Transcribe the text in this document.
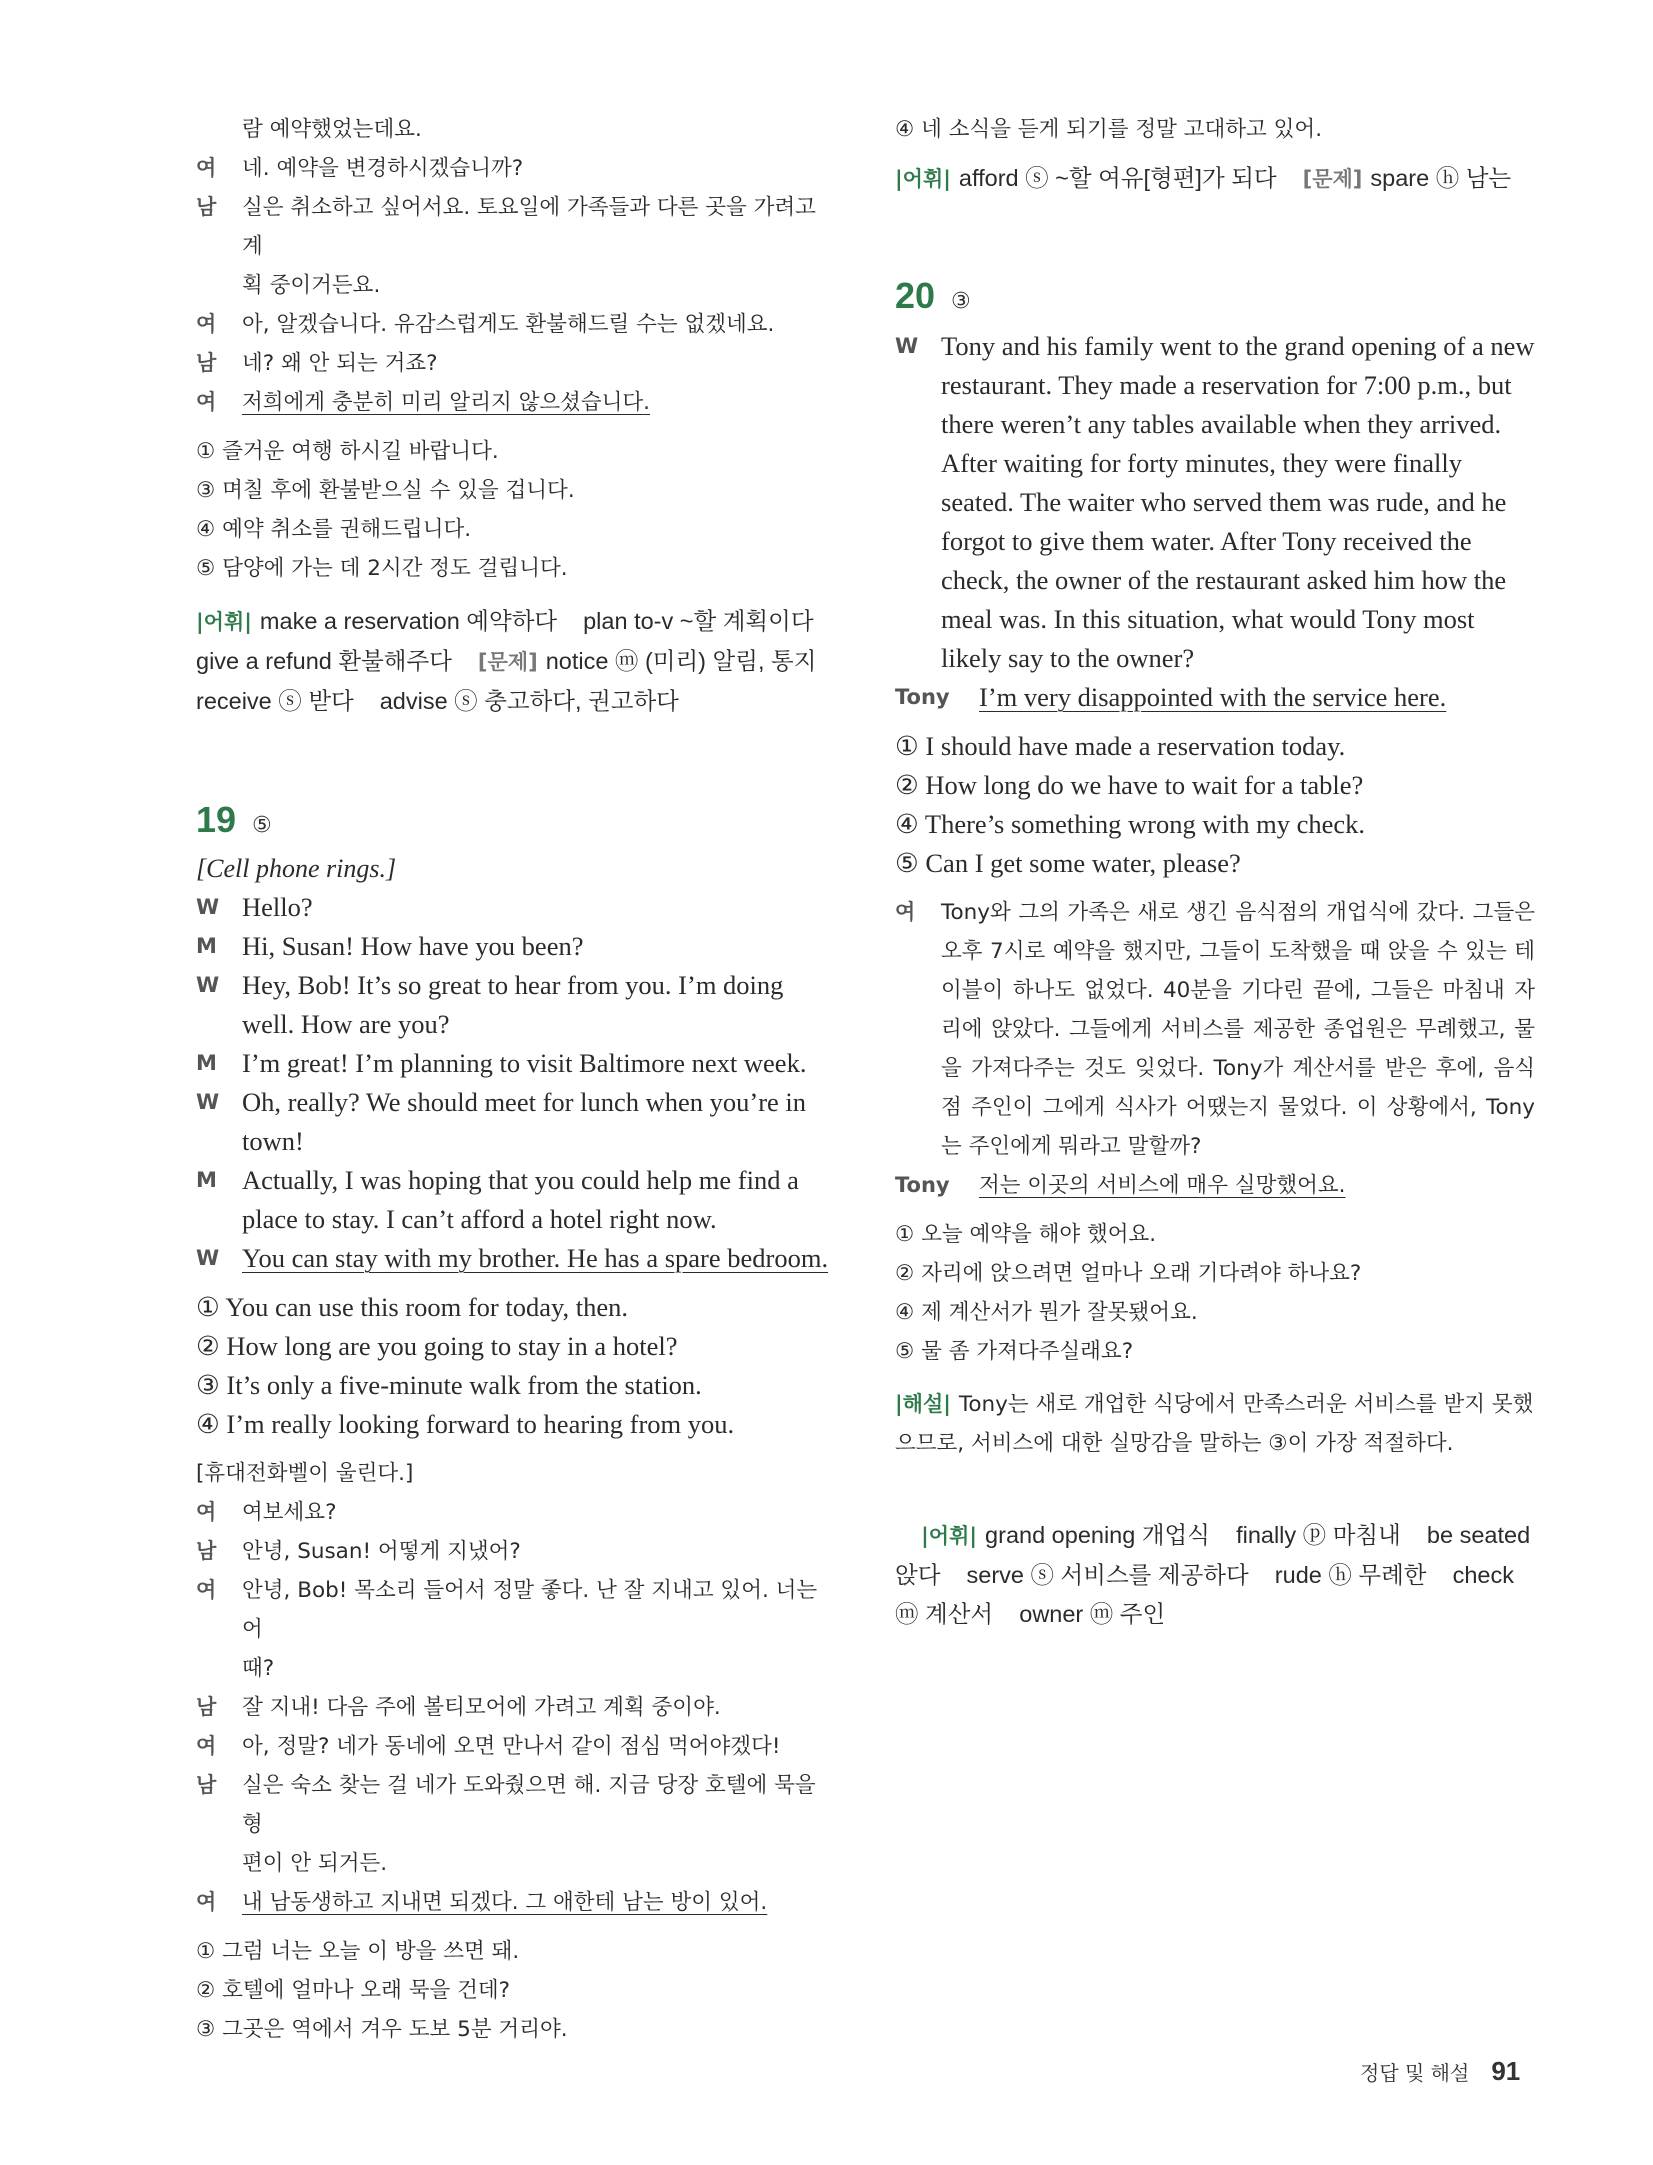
람 예약했었는데요.
여	네. 예약을 변경하시겠습니까?
남	실은 취소하고 싶어서요. 토요일에 가족들과 다른 곳을 가려고 계
획 중이거든요.
여	아, 알겠습니다. 유감스럽게도 환불해드릴 수는 없겠네요.
남	네? 왜 안 되는 거죠?
여	저희에게 충분히 미리 알리지 않으셨습니다.
① 즐거운 여행 하시길 바랍니다.
③ 며칠 후에 환불받으실 수 있을 겁니다.
④ 예약 취소를 권해드립니다.
⑤ 담양에 가는 데 2시간 정도 걸립니다.
|어휘| make a reservation 예약하다 plan to-v ~할 계획이다
give a refund 환불해주다 [문제] notice ⓜ (미리) 알림, 통지
receive ⓢ 받다 advise ⓢ 충고하다, 권고하다
19 ⑤
[Cell phone rings.]
W Hello?
M Hi, Susan! How have you been?
W Hey, Bob! It’s so great to hear from you. I’m doing well. How are you?
M I’m great! I’m planning to visit Baltimore next week.
W Oh, really? We should meet for lunch when you’re in town!
M Actually, I was hoping that you could help me find a place to stay. I can’t afford a hotel right now.
W You can stay with my brother. He has a spare bedroom.
① You can use this room for today, then.
② How long are you going to stay in a hotel?
③ It’s only a five-minute walk from the station.
④ I’m really looking forward to hearing from you.
[휴대전화벨이 울린다.]
여	여보세요?
남	안녕, Susan! 어떻게 지냈어?
여	안녕, Bob! 목소리 들어서 정말 좋다. 난 잘 지내고 있어. 너는 어
때?
남	잘 지내! 다음 주에 볼티모어에 가려고 계획 중이야.
여	아, 정말? 네가 동네에 오면 만나서 같이 점심 먹어야겠다!
남	실은 숙소 찾는 걸 네가 도와줬으면 해. 지금 당장 호텔에 묵을 형
편이 안 되거든.
여	내 남동생하고 지내면 되겠다. 그 애한테 남는 방이 있어.
① 그럼 너는 오늘 이 방을 쓰면 돼.
② 호텔에 얼마나 오래 묵을 건데?
③ 그곳은 역에서 겨우 도보 5분 거리야.
④ 네 소식을 듣게 되기를 정말 고대하고 있어.
|어휘| afford ⓢ ~할 여유[형편]가 되다 [문제] spare ⓗ 남는
20 ③
W Tony and his family went to the grand opening of a new restaurant. They made a reservation for 7:00 p.m., but there weren’t any tables available when they arrived. After waiting for forty minutes, they were finally seated. The waiter who served them was rude, and he forgot to give them water. After Tony received the check, the owner of the restaurant asked him how the meal was. In this situation, what would Tony most likely say to the owner?
Tony	I’m very disappointed with the service here.
① I should have made a reservation today.
② How long do we have to wait for a table?
④ There’s something wrong with my check.
⑤ Can I get some water, please?
여	Tony와 그의 가족은 새로 생긴 음식점의 개업식에 갔다. 그들은 오후 7시로 예약을 했지만, 그들이 도착했을 때 앉을 수 있는 테이블이 하나도 없었다. 40분을 기다린 끝에, 그들은 마침내 자리에 앉았다. 그들에게 서비스를 제공한 종업원은 무례했고, 물을 가져다주는 것도 잊었다. Tony가 계산서를 받은 후에, 음식점 주인이 그에게 식사가 어땠는지 물었다. 이 상황에서, Tony는 주인에게 뭐라고 말할까?
Tony	저는 이곳의 서비스에 매우 실망했어요.
① 오늘 예약을 해야 했어요.
② 자리에 앉으려면 얼마나 오래 기다려야 하나요?
④ 제 계산서가 뭔가 잘못됐어요.
⑤ 물 좀 가져다주실래요?
|해설| Tony는 새로 개업한 식당에서 만족스러운 서비스를 받지 못했으므로, 서비스에 대한 실망감을 말하는 ③이 가장 적절하다.

|어휘| grand opening 개업식    finally ⓟ 마침내    be seated 앉다    serve ⓢ 서비스를 제공하다    rude ⓗ 무례한    check ⓜ 계산서    owner ⓜ 주인

정답 및 해설 91
